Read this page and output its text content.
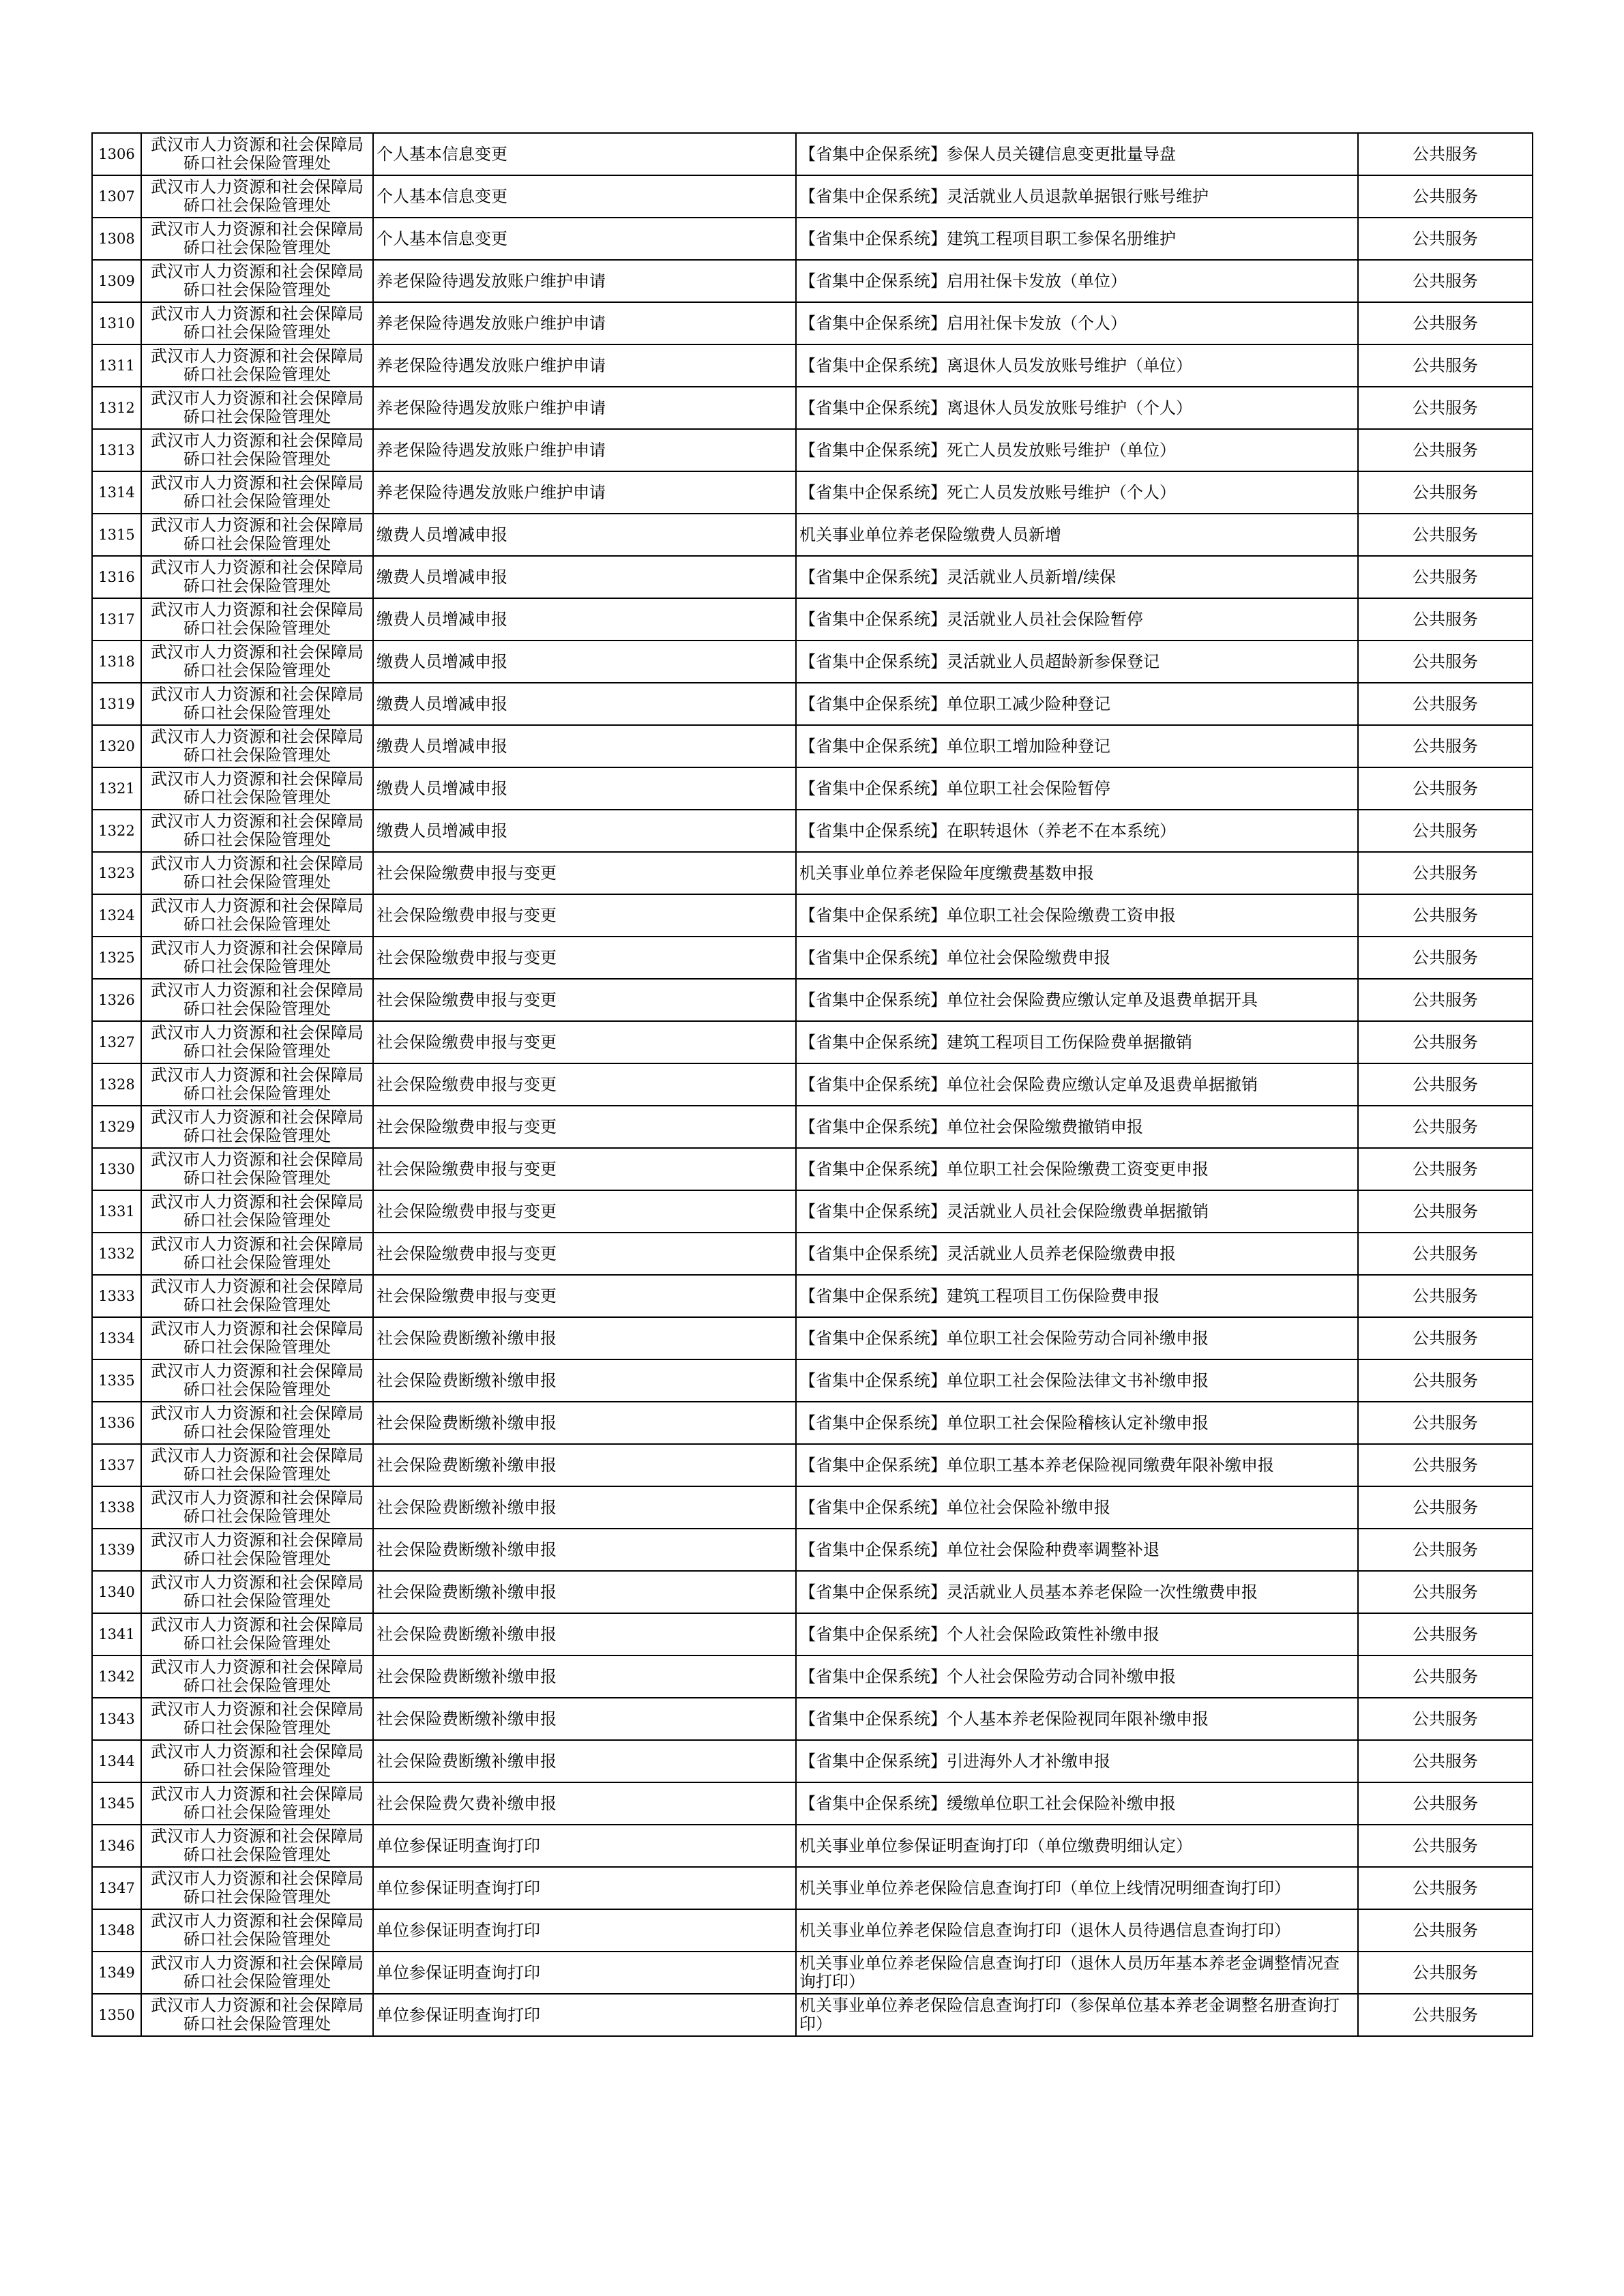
1306	武汉市人力资源和社会保障局硚口社会保险管理处	个人基本信息变更	【省集中企保系统】参保人员关键信息变更批量导盘	公共服务
1307	武汉市人力资源和社会保障局硚口社会保险管理处	个人基本信息变更	【省集中企保系统】灵活就业人员退款单据银行账号维护	公共服务
1308	武汉市人力资源和社会保障局硚口社会保险管理处	个人基本信息变更	【省集中企保系统】建筑工程项目职工参保名册维护	公共服务
1309	武汉市人力资源和社会保障局硚口社会保险管理处	养老保险待遇发放账户维护申请	【省集中企保系统】启用社保卡发放（单位）	公共服务
1310	武汉市人力资源和社会保障局硚口社会保险管理处	养老保险待遇发放账户维护申请	【省集中企保系统】启用社保卡发放（个人）	公共服务
1311	武汉市人力资源和社会保障局硚口社会保险管理处	养老保险待遇发放账户维护申请	【省集中企保系统】离退休人员发放账号维护（单位）	公共服务
1312	武汉市人力资源和社会保障局硚口社会保险管理处	养老保险待遇发放账户维护申请	【省集中企保系统】离退休人员发放账号维护（个人）	公共服务
1313	武汉市人力资源和社会保障局硚口社会保险管理处	养老保险待遇发放账户维护申请	【省集中企保系统】死亡人员发放账号维护（单位）	公共服务
1314	武汉市人力资源和社会保障局硚口社会保险管理处	养老保险待遇发放账户维护申请	【省集中企保系统】死亡人员发放账号维护（个人）	公共服务
1315	武汉市人力资源和社会保障局硚口社会保险管理处	缴费人员增减申报	机关事业单位养老保险缴费人员新增	公共服务
1316	武汉市人力资源和社会保障局硚口社会保险管理处	缴费人员增减申报	【省集中企保系统】灵活就业人员新增/续保	公共服务
1317	武汉市人力资源和社会保障局硚口社会保险管理处	缴费人员增减申报	【省集中企保系统】灵活就业人员社会保险暂停	公共服务
1318	武汉市人力资源和社会保障局硚口社会保险管理处	缴费人员增减申报	【省集中企保系统】灵活就业人员超龄新参保登记	公共服务
1319	武汉市人力资源和社会保障局硚口社会保险管理处	缴费人员增减申报	【省集中企保系统】单位职工减少险种登记	公共服务
1320	武汉市人力资源和社会保障局硚口社会保险管理处	缴费人员增减申报	【省集中企保系统】单位职工增加险种登记	公共服务
1321	武汉市人力资源和社会保障局硚口社会保险管理处	缴费人员增减申报	【省集中企保系统】单位职工社会保险暂停	公共服务
1322	武汉市人力资源和社会保障局硚口社会保险管理处	缴费人员增减申报	【省集中企保系统】在职转退休（养老不在本系统）	公共服务
1323	武汉市人力资源和社会保障局硚口社会保险管理处	社会保险缴费申报与变更	机关事业单位养老保险年度缴费基数申报	公共服务
1324	武汉市人力资源和社会保障局硚口社会保险管理处	社会保险缴费申报与变更	【省集中企保系统】单位职工社会保险缴费工资申报	公共服务
1325	武汉市人力资源和社会保障局硚口社会保险管理处	社会保险缴费申报与变更	【省集中企保系统】单位社会保险缴费申报	公共服务
1326	武汉市人力资源和社会保障局硚口社会保险管理处	社会保险缴费申报与变更	【省集中企保系统】单位社会保险费应缴认定单及退费单据开具	公共服务
1327	武汉市人力资源和社会保障局硚口社会保险管理处	社会保险缴费申报与变更	【省集中企保系统】建筑工程项目工伤保险费单据撤销	公共服务
1328	武汉市人力资源和社会保障局硚口社会保险管理处	社会保险缴费申报与变更	【省集中企保系统】单位社会保险费应缴认定单及退费单据撤销	公共服务
1329	武汉市人力资源和社会保障局硚口社会保险管理处	社会保险缴费申报与变更	【省集中企保系统】单位社会保险缴费撤销申报	公共服务
1330	武汉市人力资源和社会保障局硚口社会保险管理处	社会保险缴费申报与变更	【省集中企保系统】单位职工社会保险缴费工资变更申报	公共服务
1331	武汉市人力资源和社会保障局硚口社会保险管理处	社会保险缴费申报与变更	【省集中企保系统】灵活就业人员社会保险缴费单据撤销	公共服务
1332	武汉市人力资源和社会保障局硚口社会保险管理处	社会保险缴费申报与变更	【省集中企保系统】灵活就业人员养老保险缴费申报	公共服务
1333	武汉市人力资源和社会保障局硚口社会保险管理处	社会保险缴费申报与变更	【省集中企保系统】建筑工程项目工伤保险费申报	公共服务
1334	武汉市人力资源和社会保障局硚口社会保险管理处	社会保险费断缴补缴申报	【省集中企保系统】单位职工社会保险劳动合同补缴申报	公共服务
1335	武汉市人力资源和社会保障局硚口社会保险管理处	社会保险费断缴补缴申报	【省集中企保系统】单位职工社会保险法律文书补缴申报	公共服务
1336	武汉市人力资源和社会保障局硚口社会保险管理处	社会保险费断缴补缴申报	【省集中企保系统】单位职工社会保险稽核认定补缴申报	公共服务
1337	武汉市人力资源和社会保障局硚口社会保险管理处	社会保险费断缴补缴申报	【省集中企保系统】单位职工基本养老保险视同缴费年限补缴申报	公共服务
1338	武汉市人力资源和社会保障局硚口社会保险管理处	社会保险费断缴补缴申报	【省集中企保系统】单位社会保险补缴申报	公共服务
1339	武汉市人力资源和社会保障局硚口社会保险管理处	社会保险费断缴补缴申报	【省集中企保系统】单位社会保险种费率调整补退	公共服务
1340	武汉市人力资源和社会保障局硚口社会保险管理处	社会保险费断缴补缴申报	【省集中企保系统】灵活就业人员基本养老保险一次性缴费申报	公共服务
1341	武汉市人力资源和社会保障局硚口社会保险管理处	社会保险费断缴补缴申报	【省集中企保系统】个人社会保险政策性补缴申报	公共服务
1342	武汉市人力资源和社会保障局硚口社会保险管理处	社会保险费断缴补缴申报	【省集中企保系统】个人社会保险劳动合同补缴申报	公共服务
1343	武汉市人力资源和社会保障局硚口社会保险管理处	社会保险费断缴补缴申报	【省集中企保系统】个人基本养老保险视同年限补缴申报	公共服务
1344	武汉市人力资源和社会保障局硚口社会保险管理处	社会保险费断缴补缴申报	【省集中企保系统】引进海外人才补缴申报	公共服务
1345	武汉市人力资源和社会保障局硚口社会保险管理处	社会保险费欠费补缴申报	【省集中企保系统】缓缴单位职工社会保险补缴申报	公共服务
1346	武汉市人力资源和社会保障局硚口社会保险管理处	单位参保证明查询打印	机关事业单位参保证明查询打印（单位缴费明细认定）	公共服务
1347	武汉市人力资源和社会保障局硚口社会保险管理处	单位参保证明查询打印	机关事业单位养老保险信息查询打印（单位上线情况明细查询打印）	公共服务
1348	武汉市人力资源和社会保障局硚口社会保险管理处	单位参保证明查询打印	机关事业单位养老保险信息查询打印（退休人员待遇信息查询打印）	公共服务
1349	武汉市人力资源和社会保障局硚口社会保险管理处	单位参保证明查询打印	机关事业单位养老保险信息查询打印（退休人员历年基本养老金调整情况查询打印）	公共服务
1350	武汉市人力资源和社会保障局硚口社会保险管理处	单位参保证明查询打印	机关事业单位养老保险信息查询打印（参保单位基本养老金调整名册查询打印）	公共服务
